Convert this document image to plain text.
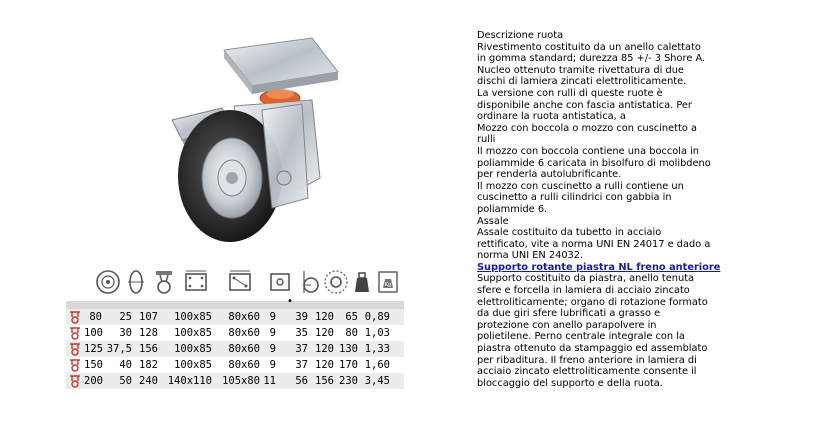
Kg
•
80	25 107	100x85	80x60 9	39 120	65 0,89
100	30 128	100x85	80x60 9	35 120	80 1,03
125 37,5 156	100x85	80x60 9	37 120 130 1,33
150	40 182	100x85	80x60 9	37 120 170 1,60
200	50 240 140x110 105x80 11	56 156 230 3,45
Descrizione ruota
Rivestimento costituito da un anello calettato
in gomma standard; durezza 85 +/- 3 Shore A.
Nucleo ottenuto tramite rivettatura di due
dischi di lamiera zincati elettroliticamente.
La versione con rulli di queste ruote è
disponibile anche con fascia antistatica. Per
ordinare la ruota antistatica, a
Mozzo con boccola o mozzo con cuscinetto a
rulli
Il mozzo con boccola contiene una boccola in
poliammide 6 caricata in bisolfuro di molibdeno
per renderla autolubrificante.
Il mozzo con cuscinetto a rulli contiene un
cuscinetto a rulli cilindrici con gabbia in
poliammide 6.
Assale
Assale costituito da tubetto in acciaio
rettificato, vite a norma UNI EN 24017 e dado a
norma UNI EN 24032.
Supporto rotante piastra NL freno anteriore
Supporto costituito da piastra, anello tenuta
sfere e forcella in lamiera di acciaio zincato
elettroliticamente; organo di rotazione formato
da due giri sfere lubrificati a grasso e
protezione con anello parapolvere in
polietilene. Perno centrale integrale con la
piastra ottenuto da stampaggio ed assemblato
per ribaditura. Il freno anteriore in lamiera di
acciaio zincato elettroliticamente consente il
bloccaggio del supporto e della ruota.
